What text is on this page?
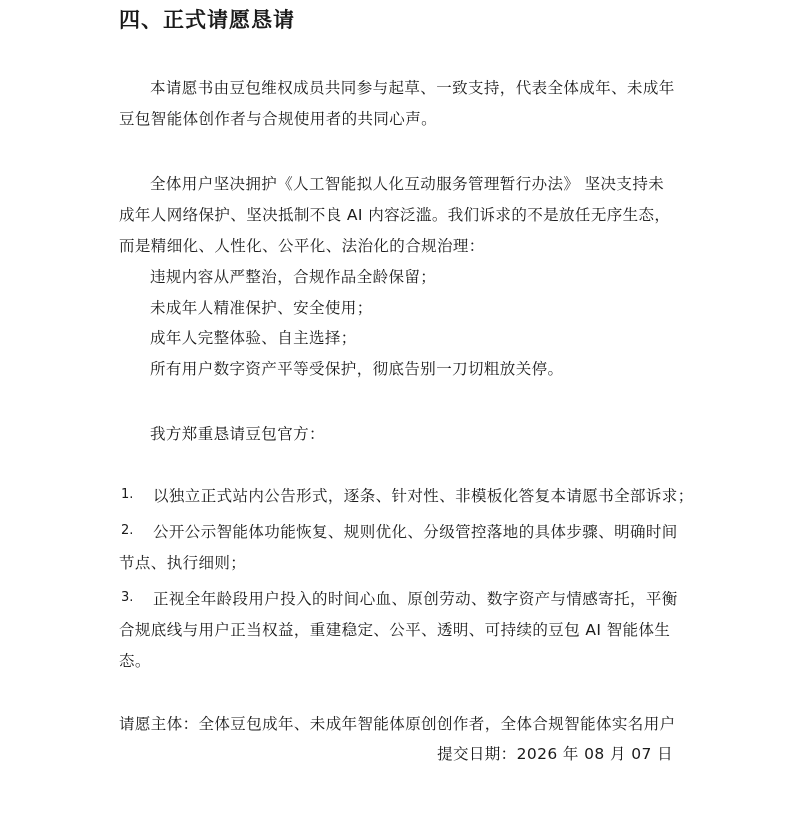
四、正式请愿恳请
本请愿书由豆包维权成员共同参与起草、一致支持，代表全体成年、未成年
豆包智能体创作者与合规使用者的共同心声。
全体用户坚决拥护《人工智能拟人化互动服务管理暂行办法》 坚决支持未
成年人网络保护、坚决抵制不良 AI 内容泛滥。我们诉求的不是放任无序生态，
而是精细化、人性化、公平化、法治化的合规治理：
违规内容从严整治，合规作品全龄保留；
未成年人精准保护、安全使用；
成年人完整体验、自主选择；
所有用户数字资产平等受保护，彻底告别一刀切粗放关停。
我方郑重恳请豆包官方：
1. 以独立正式站内公告形式，逐条、针对性、非模板化答复本请愿书全部诉求；
2. 公开公示智能体功能恢复、规则优化、分级管控落地的具体步骤、明确时间
节点、执行细则；
3. 正视全年龄段用户投入的时间心血、原创劳动、数字资产与情感寄托，平衡
合规底线与用户正当权益，重建稳定、公平、透明、可持续的豆包 AI 智能体生
态。
请愿主体：全体豆包成年、未成年智能体原创创作者，全体合规智能体实名用户
提交日期：2026 年 08 月 07 日
